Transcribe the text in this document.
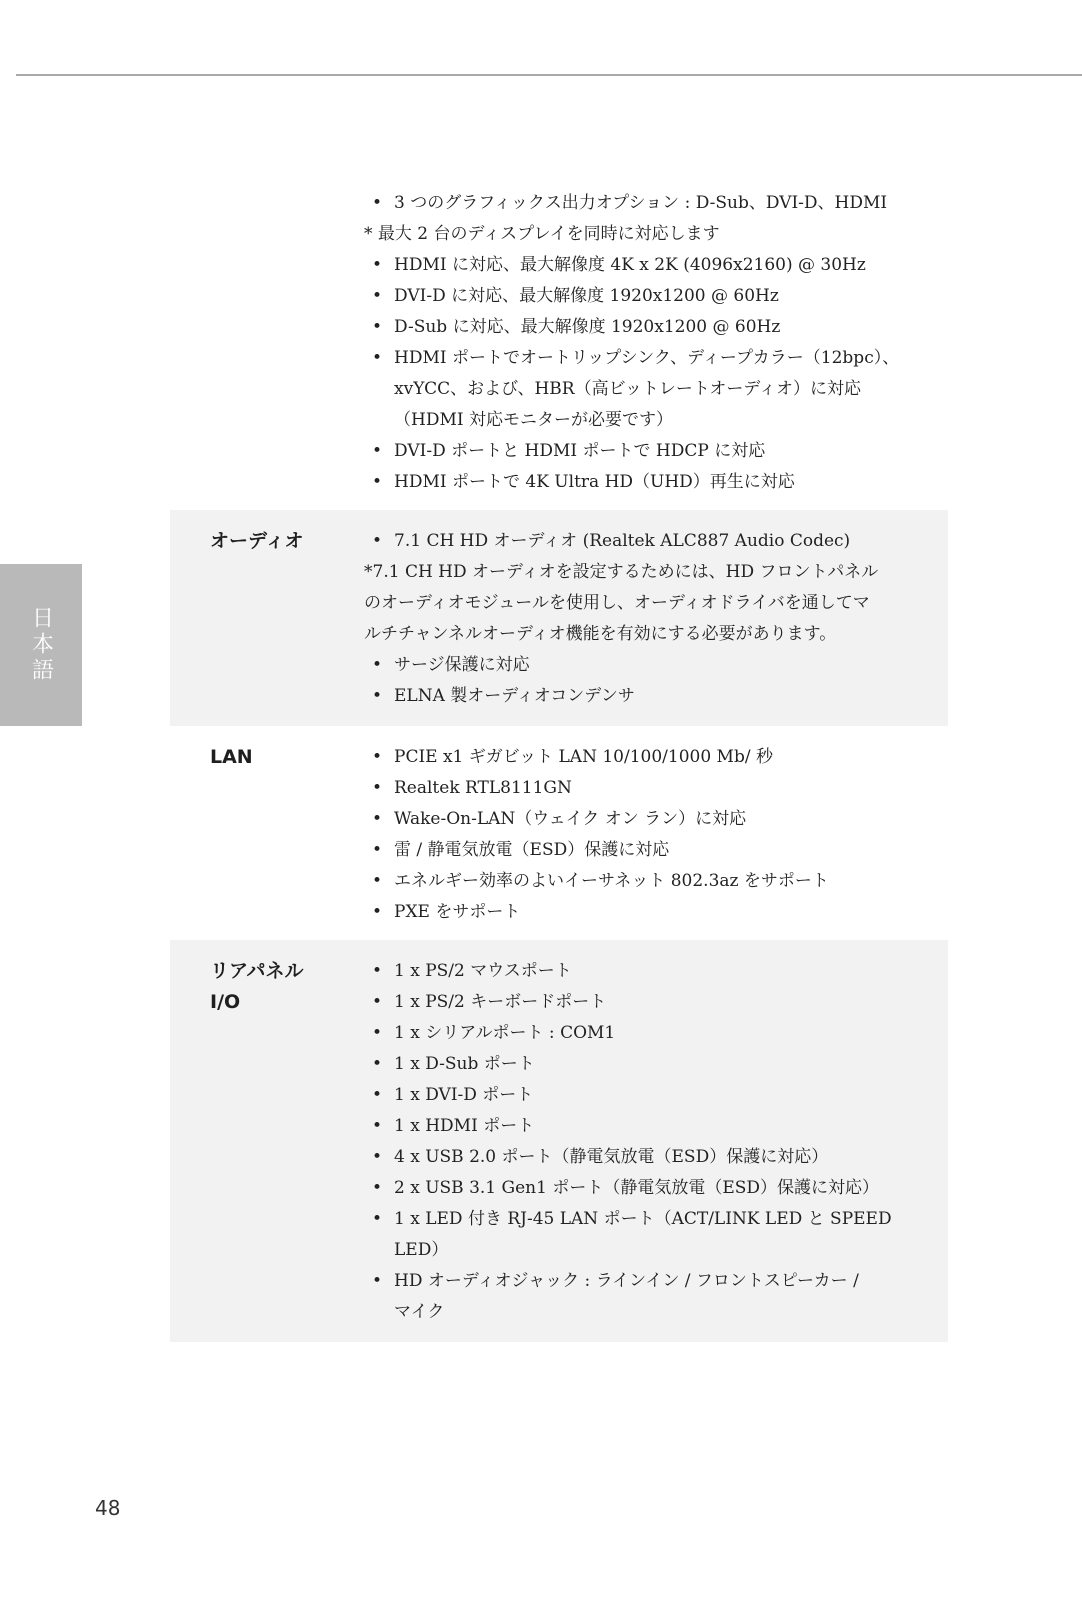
日本語
• 3 つのグラフィックス出力オプション : D-Sub、DVI-D、HDMI
* 最大 2 台のディスプレイを同時に対応します
• HDMI に対応、最大解像度 4K x 2K (4096x2160) @ 30Hz
• DVI-D に対応、最大解像度 1920x1200 @ 60Hz
• D-Sub に対応、最大解像度 1920x1200 @ 60Hz
• HDMI ポートでオートリップシンク、ディープカラー（12bpc）、
xvYCC、および、HBR（高ビットレートオーディオ）に対応
（HDMI 対応モニターが必要です）
• DVI-D ポートと HDMI ポートで HDCP に対応
• HDMI ポートで 4K Ultra HD（UHD）再生に対応
オーディオ	• 7.1 CH HD オーディオ (Realtek ALC887 Audio Codec)
*7.1 CH HD オーディオを設定するためには、HD フロントパネル
のオーディオモジュールを使用し、オーディオドライバを通してマ
ルチチャンネルオーディオ機能を有効にする必要があります。
• サージ保護に対応
• ELNA 製オーディオコンデンサ
LAN	• PCIE x1 ギガビット LAN 10/100/1000 Mb/ 秒
• Realtek RTL8111GN
• Wake-On-LAN（ウェイク オン ラン）に対応
• 雷 / 静電気放電（ESD）保護に対応
• エネルギー効率のよいイーサネット 802.3az をサポート
• PXE をサポート
リアパネル
I/O
• 1 x PS/2 マウスポート
• 1 x PS/2 キーボードポート
• 1 x シリアルポート : COM1
• 1 x D-Sub ポート
• 1 x DVI-D ポート
• 1 x HDMI ポート
• 4 x USB 2.0 ポート（静電気放電（ESD）保護に対応）
• 2 x USB 3.1 Gen1 ポート（静電気放電（ESD）保護に対応）
• 1 x LED 付き RJ-45 LAN ポート（ACT/LINK LED と SPEED
LED）
• HD オーディオジャック : ラインイン / フロントスピーカー /
マイク
48
